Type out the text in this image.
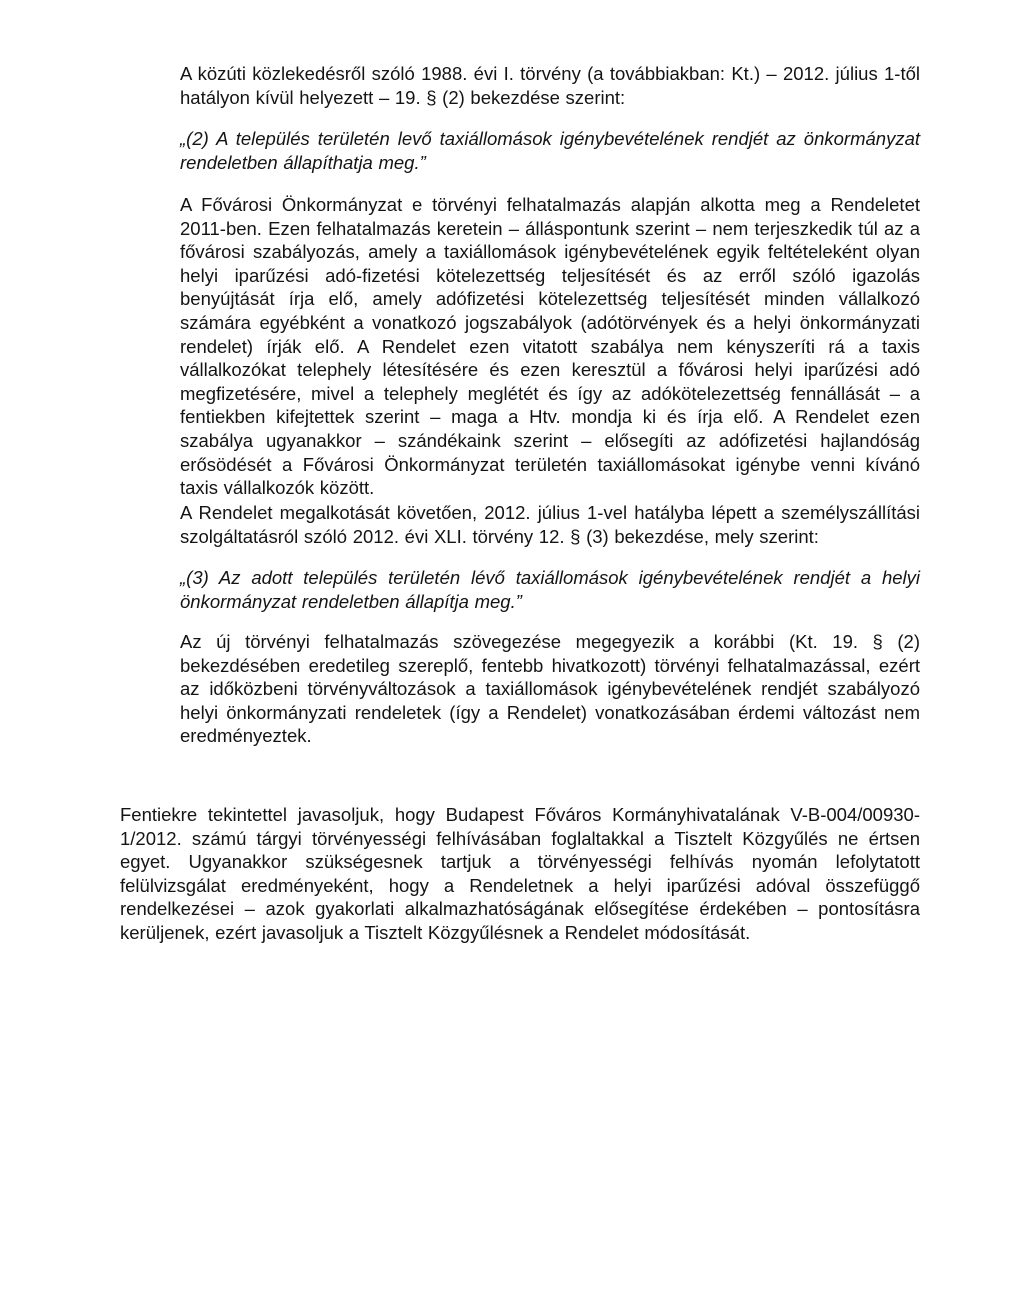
A közúti közlekedésről szóló 1988. évi I. törvény (a továbbiakban: Kt.) – 2012. július 1-től hatályon kívül helyezett – 19. § (2) bekezdése szerint:

„(2) A település területén levő taxiállomások igénybevételének rendjét az önkormányzat rendeletben állapíthatja meg.”

A Fővárosi Önkormányzat e törvényi felhatalmazás alapján alkotta meg a Rendeletet 2011-ben. Ezen felhatalmazás keretein – álláspontunk szerint – nem terjeszkedik túl az a fővárosi szabályozás, amely a taxiállomások igénybevételének egyik feltételeként olyan helyi iparűzési adó-fizetési kötelezettség teljesítését és az erről szóló igazolás benyújtását írja elő, amely adófizetési kötelezettség teljesítését minden vállalkozó számára egyébként a vonatkozó jogszabályok (adótörvények és a helyi önkormányzati rendelet) írják elő. A Rendelet ezen vitatott szabálya nem kényszeríti rá a taxis vállalkozókat telephely létesítésére és ezen keresztül a fővárosi helyi iparűzési adó megfizetésére, mivel a telephely meglétét és így az adókötelezettség fennállását – a fentiekben kifejtettek szerint – maga a Htv. mondja ki és írja elő. A Rendelet ezen szabálya ugyanakkor – szándékaink szerint – elősegíti az adófizetési hajlandóság erősödését a Fővárosi Önkormányzat területén taxiállomásokat igénybe venni kívánó taxis vállalkozók között.

A Rendelet megalkotását követően, 2012. július 1-vel hatályba lépett a személyszállítási szolgáltatásról szóló 2012. évi XLI. törvény 12. § (3) bekezdése, mely szerint:

„(3) Az adott település területén lévő taxiállomások igénybevételének rendjét a helyi önkormányzat rendeletben állapítja meg.”

Az új törvényi felhatalmazás szövegezése megegyezik a korábbi (Kt. 19. § (2) bekezdésében eredetileg szereplő, fentebb hivatkozott) törvényi felhatalmazással, ezért az időközbeni törvényváltozások a taxiállomások igénybevételének rendjét szabályozó helyi önkormányzati rendeletek (így a Rendelet) vonatkozásában érdemi változást nem eredményeztek.

Fentiekre tekintettel javasoljuk, hogy Budapest Főváros Kormányhivatalának V-B-004/00930-1/2012. számú tárgyi törvényességi felhívásában foglaltakkal a Tisztelt Közgyűlés ne értsen egyet. Ugyanakkor szükségesnek tartjuk a törvényességi felhívás nyomán lefolytatott felülvizsgálat eredményeként, hogy a Rendeletnek a helyi iparűzési adóval összefüggő rendelkezései – azok gyakorlati alkalmazhatóságának elősegítése érdekében – pontosításra kerüljenek, ezért javasoljuk a Tisztelt Közgyűlésnek a Rendelet módosítását.
